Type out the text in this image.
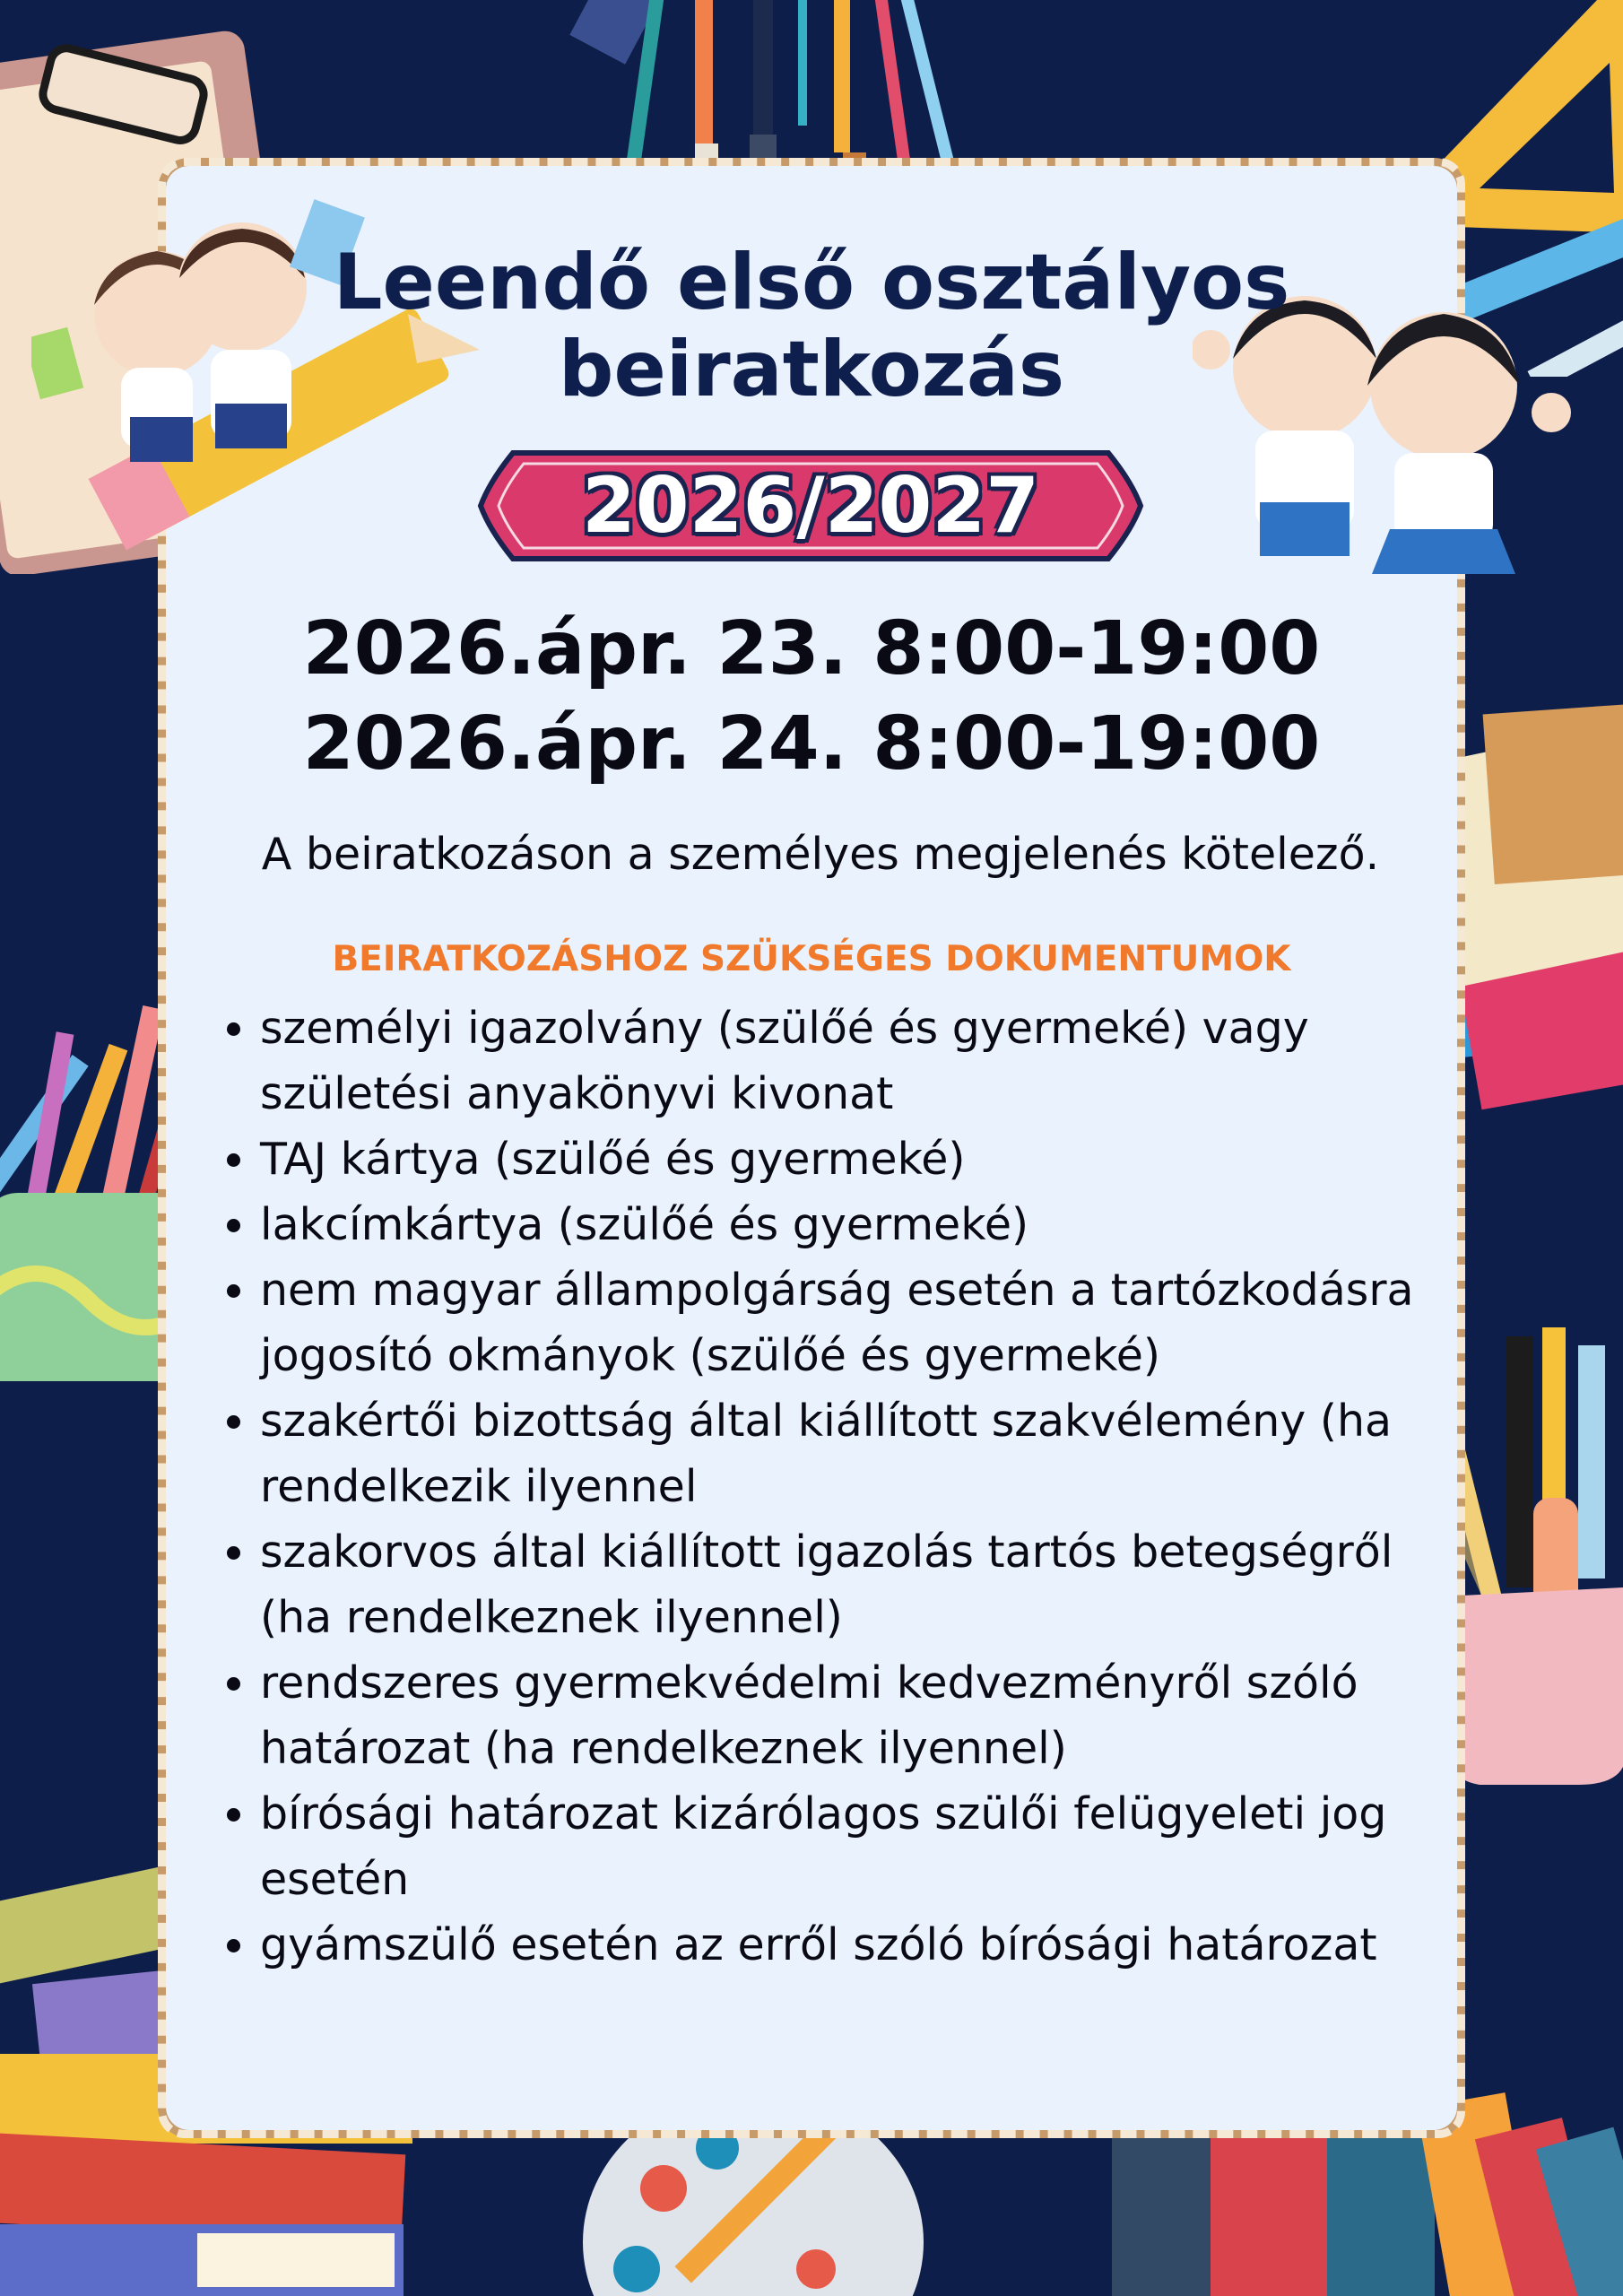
Leendő első osztályos
beiratkozás
2026/2027
2026.ápr. 23. 8:00-19:00
2026.ápr. 24. 8:00-19:00
A beiratkozáson a személyes megjelenés kötelező.
BEIRATKOZÁSHOZ SZÜKSÉGES DOKUMENTUMOK
• személyi igazolvány (szülőé és gyermeké) vagy születési anyakönyvi kivonat
• TAJ kártya (szülőé és gyermeké)
• lakcímkártya (szülőé és gyermeké)
• nem magyar állampolgárság esetén a tartózkodásra jogosító okmányok (szülőé és gyermeké)
• szakértői bizottság által kiállított szakvélemény (ha rendelkezik ilyennel
• szakorvos által kiállított igazolás tartós betegségről (ha rendelkeznek ilyennel)
• rendszeres gyermekvédelmi kedvezményről szóló határozat (ha rendelkeznek ilyennel)
• bírósági határozat kizárólagos szülői felügyeleti jog esetén
• gyámszülő esetén az erről szóló bírósági határozat
